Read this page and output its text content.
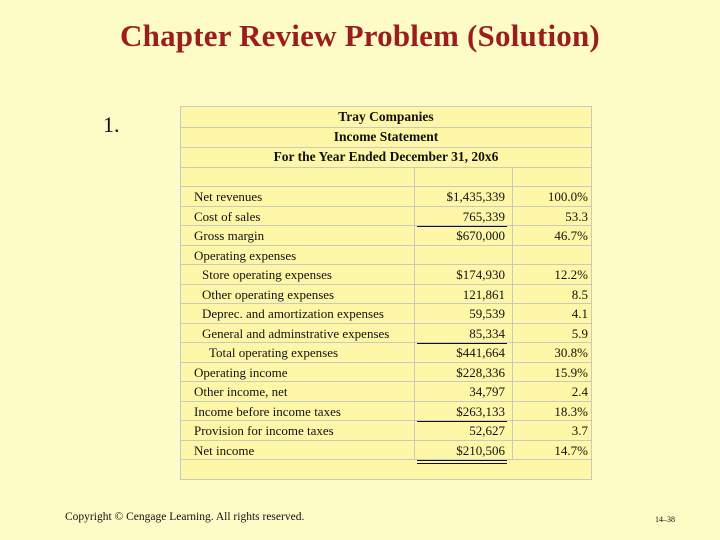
Chapter Review Problem (Solution)
1.	Tray Companies
Income Statement
For the Year Ended December 31, 20x6
Net revenues	$1,435,339	100.0%
Cost of sales	765,339	53.3
Gross margin	$670,000	46.7%
Operating expenses
Store operating expenses	$174,930	12.2%
Other operating expenses	121,861	8.5
Deprec. and amortization expenses	59,539	4.1
General and adminstrative expenses	85,334	5.9
Total operating expenses	$441,664	30.8%
Operating income	$228,336	15.9%
Other income, net	34,797	2.4
Income before income taxes	$263,133	18.3%
Provision for income taxes	52,627	3.7
Net income	$210,506	14.7%
Copyright © Cengage Learning. All rights reserved.	14–38
